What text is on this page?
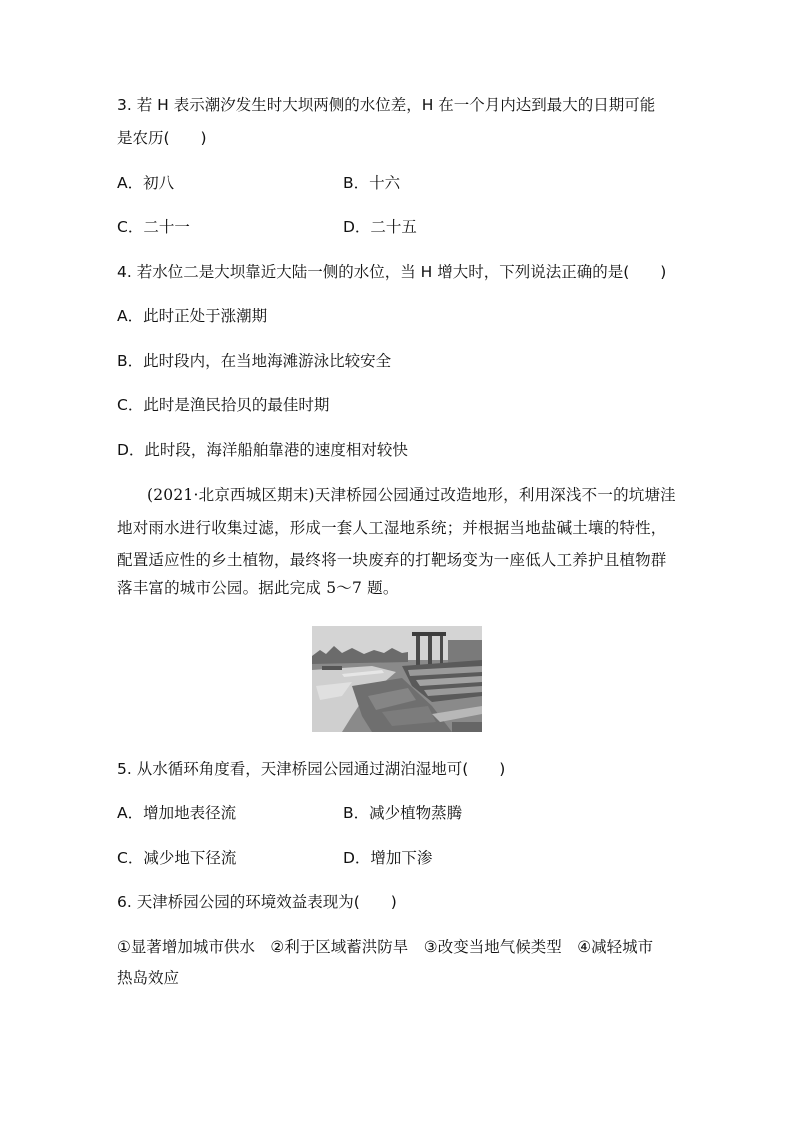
3. 若 H 表示潮汐发生时大坝两侧的水位差，H 在一个月内达到最大的日期可能
是农历(　　)
A．初八	B．十六
C．二十一	D．二十五
4. 若水位二是大坝靠近大陆一侧的水位，当 H 增大时，下列说法正确的是(　　)
A．此时正处于涨潮期
B．此时段内，在当地海滩游泳比较安全
C．此时是渔民拾贝的最佳时期
D．此时段，海洋船舶靠港的速度相对较快
(2021·北京西城区期末)天津桥园公园通过改造地形，利用深浅不一的坑塘洼
地对雨水进行收集过滤，形成一套人工湿地系统；并根据当地盐碱土壤的特性，
配置适应性的乡土植物，最终将一块废弃的打靶场变为一座低人工养护且植物群
落丰富的城市公园。据此完成 5～7 题。
5. 从水循环角度看，天津桥园公园通过湖泊湿地可(　　)
A．增加地表径流	B．减少植物蒸腾
C．减少地下径流	D．增加下渗
6. 天津桥园公园的环境效益表现为(　　)
①显著增加城市供水　②利于区域蓄洪防旱　③改变当地气候类型　④减轻城市
热岛效应
